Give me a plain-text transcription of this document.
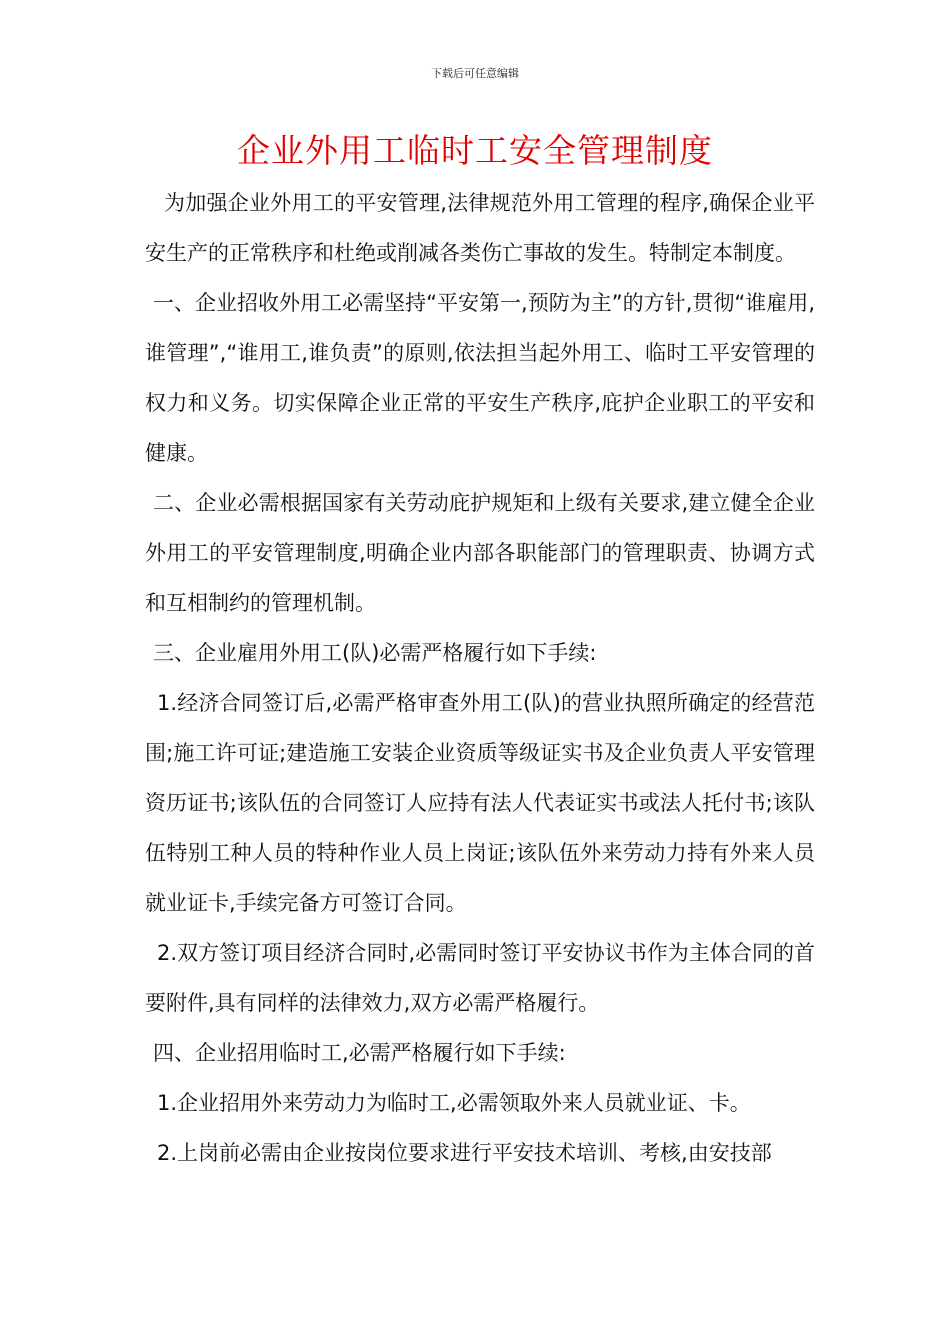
下载后可任意编辑
企业外用工临时工安全管理制度

为加强企业外用工的平安管理,法律规范外用工管理的程序,确保企业平安生产的正常秩序和杜绝或削减各类伤亡事故的发生。特制定本制度。

一、企业招收外用工必需坚持“平安第一,预防为主”的方针,贯彻“谁雇用,谁管理”,“谁用工,谁负责”的原则,依法担当起外用工、临时工平安管理的权力和义务。切实保障企业正常的平安生产秩序,庇护企业职工的平安和健康。

二、企业必需根据国家有关劳动庇护规矩和上级有关要求,建立健全企业外用工的平安管理制度,明确企业内部各职能部门的管理职责、协调方式和互相制约的管理机制。

三、企业雇用外用工(队)必需严格履行如下手续:

1.经济合同签订后,必需严格审查外用工(队)的营业执照所确定的经营范围;施工许可证;建造施工安装企业资质等级证实书及企业负责人平安管理资历证书;该队伍的合同签订人应持有法人代表证实书或法人托付书;该队伍特别工种人员的特种作业人员上岗证;该队伍外来劳动力持有外来人员就业证卡,手续完备方可签订合同。

2.双方签订项目经济合同时,必需同时签订平安协议书作为主体合同的首要附件,具有同样的法律效力,双方必需严格履行。

四、企业招用临时工,必需严格履行如下手续:

1.企业招用外来劳动力为临时工,必需领取外来人员就业证、卡。

2.上岗前必需由企业按岗位要求进行平安技术培训、考核,由安技部
